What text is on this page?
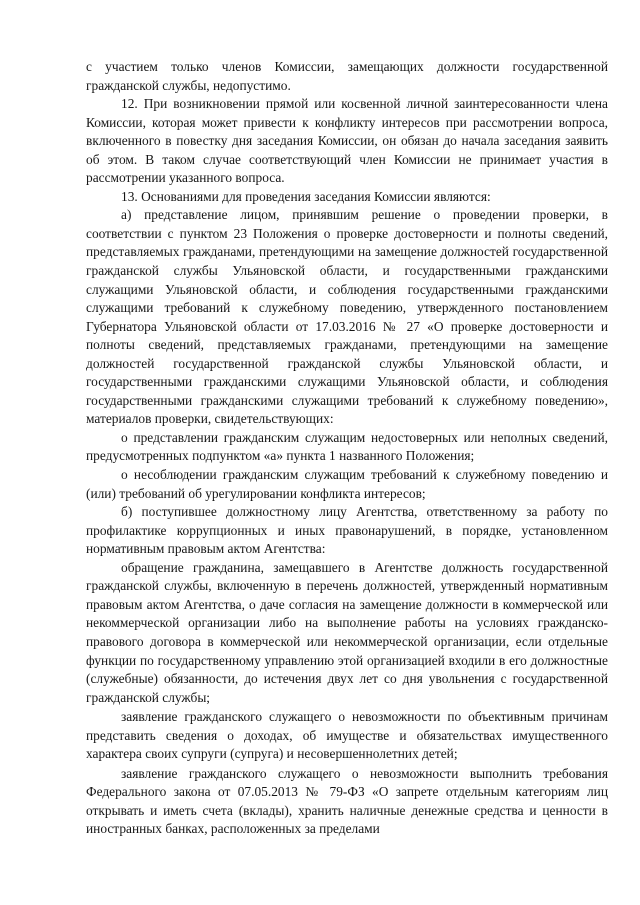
с участием только членов Комиссии, замещающих должности государственной гражданской службы, недопустимо.

12. При возникновении прямой или косвенной личной заинтересованности члена Комиссии, которая может привести к конфликту интересов при рассмотрении вопроса, включенного в повестку дня заседания Комиссии, он обязан до начала заседания заявить об этом. В таком случае соответствующий член Комиссии не принимает участия в рассмотрении указанного вопроса.

13. Основаниями для проведения заседания Комиссии являются:

а) представление лицом, принявшим решение о проведении проверки, в соответствии с пунктом 23 Положения о проверке достоверности и полноты сведений, представляемых гражданами, претендующими на замещение должностей государственной гражданской службы Ульяновской области, и государственными гражданскими служащими Ульяновской области, и соблюдения государственными гражданскими служащими требований к служебному поведению, утвержденного постановлением Губернатора Ульяновской области от 17.03.2016 № 27 «О проверке достоверности и полноты сведений, представляемых гражданами, претендующими на замещение должностей государственной гражданской службы Ульяновской области, и государственными гражданскими служащими Ульяновской области, и соблюдения государственными гражданскими служащими требований к служебному поведению», материалов проверки, свидетельствующих:

о представлении гражданским служащим недостоверных или неполных сведений, предусмотренных подпунктом «а» пункта 1 названного Положения;

о несоблюдении гражданским служащим требований к служебному поведению и (или) требований об урегулировании конфликта интересов;

б) поступившее должностному лицу Агентства, ответственному за работу по профилактике коррупционных и иных правонарушений, в порядке, установленном нормативным правовым актом Агентства:

обращение гражданина, замещавшего в Агентстве должность государственной гражданской службы, включенную в перечень должностей, утвержденный нормативным правовым актом Агентства, о даче согласия на замещение должности в коммерческой или некоммерческой организации либо на выполнение работы на условиях гражданско-правового договора в коммерческой или некоммерческой организации, если отдельные функции по государственному управлению этой организацией входили в его должностные (служебные) обязанности, до истечения двух лет со дня увольнения с государственной гражданской службы;

заявление гражданского служащего о невозможности по объективным причинам представить сведения о доходах, об имуществе и обязательствах имущественного характера своих супруги (супруга) и несовершеннолетних детей;

заявление гражданского служащего о невозможности выполнить требования Федерального закона от 07.05.2013 № 79-ФЗ «О запрете отдельным категориям лиц открывать и иметь счета (вклады), хранить наличные денежные средства и ценности в иностранных банках, расположенных за пределами
